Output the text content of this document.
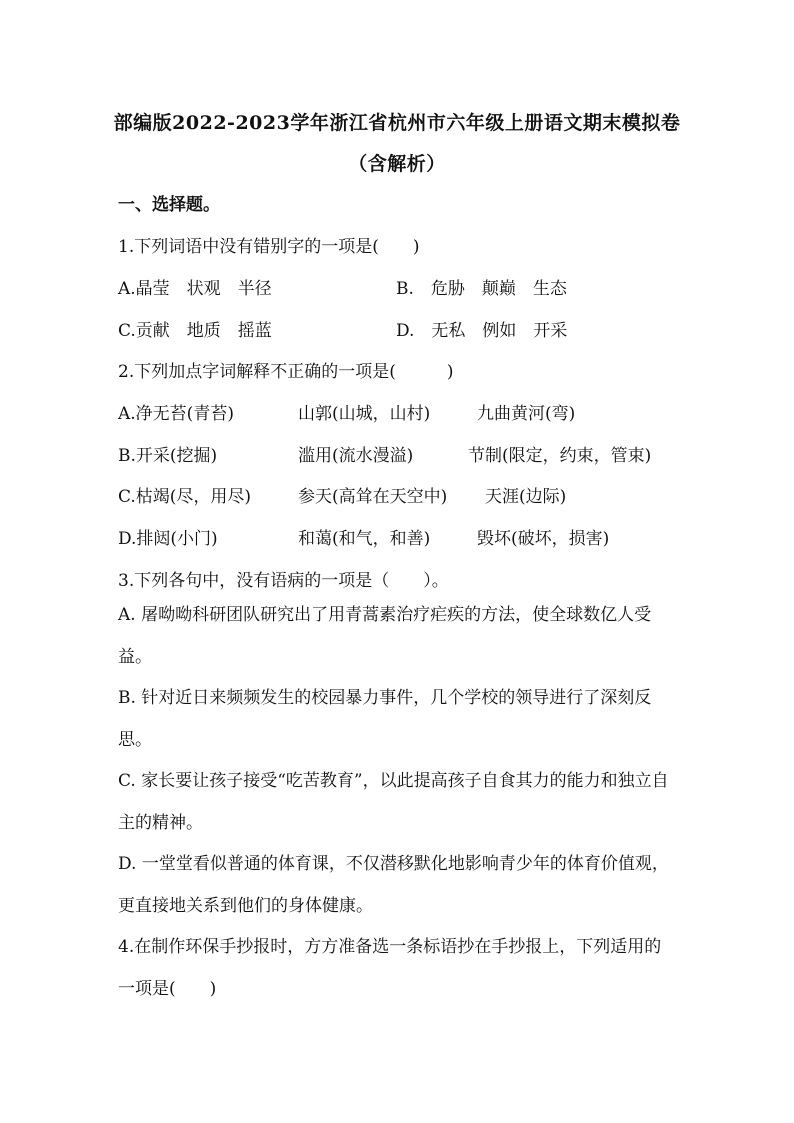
部编版2022-2023学年浙江省杭州市六年级上册语文期末模拟卷
（含解析）
一、选择题。
1.下列词语中没有错别字的一项是(　　)
A.晶莹　状观　半径	B.　危胁　颠巅　生态
C.贡献　地质　摇蓝	D.　无私　例如　开采
2.下列加点字词解释不正确的一项是(　　　)
A.净无苔(青苔)	山郭(山城，山村)	九曲黄河(弯)
B.开采(挖掘)	滥用(流水漫溢)	节制(限定，约束，管束)
C.枯竭(尽，用尽)	参天(高耸在天空中) 天涯(边际)
D.排闼(小门)	和蔼(和气，和善)	毁坏(破坏，损害)
3.下列各句中，没有语病的一项是（　　）。
A. 屠呦呦科研团队研究出了用青蒿素治疗疟疾的方法，使全球数亿人受益。
B. 针对近日来频频发生的校园暴力事件，几个学校的领导进行了深刻反思。
C. 家长要让孩子接受“吃苦教育”，以此提高孩子自食其力的能力和独立自主的精神。
D. 一堂堂看似普通的体育课，不仅潜移默化地影响青少年的体育价值观，更直接地关系到他们的身体健康。
4.在制作环保手抄报时，方方准备选一条标语抄在手抄报上，下列适用的一项是(　　)
